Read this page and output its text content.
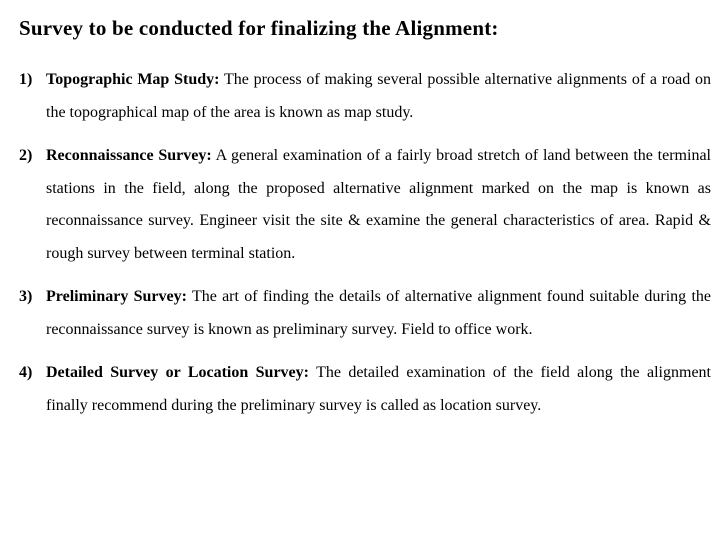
Survey to be conducted for finalizing the Alignment:
1) Topographic Map Study: The process of making several possible alternative alignments of a road on the topographical map of the area is known as map study.
2) Reconnaissance Survey: A general examination of a fairly broad stretch of land between the terminal stations in the field, along the proposed alternative alignment marked on the map is known as reconnaissance survey. Engineer visit the site & examine the general characteristics of area. Rapid & rough survey between terminal station.
3) Preliminary Survey: The art of finding the details of alternative alignment found suitable during the reconnaissance survey is known as preliminary survey. Field to office work.
4) Detailed Survey or Location Survey: The detailed examination of the field along the alignment finally recommend during the preliminary survey is called as location survey.
